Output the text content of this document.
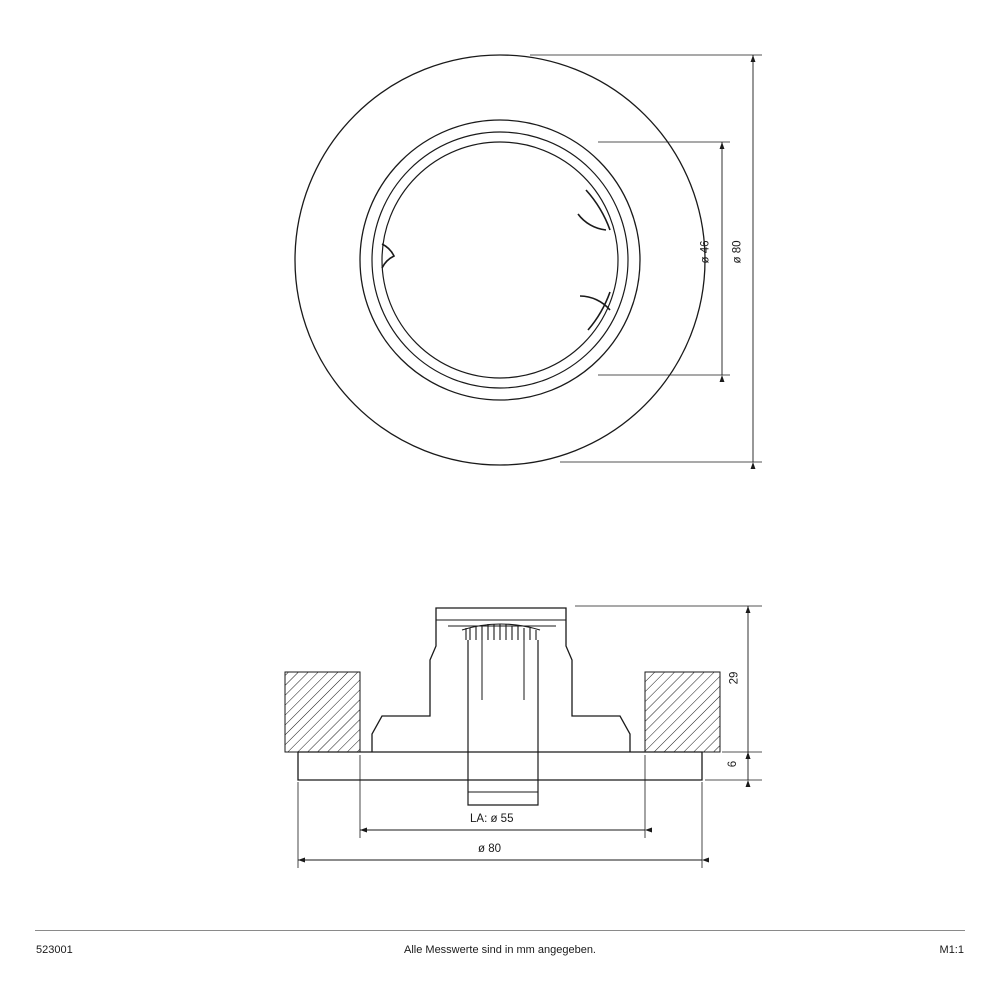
ø 80
ø 46
29
6
LA: ø 55
ø 80
523001	Alle Messwerte sind in mm angegeben.	M1:1
